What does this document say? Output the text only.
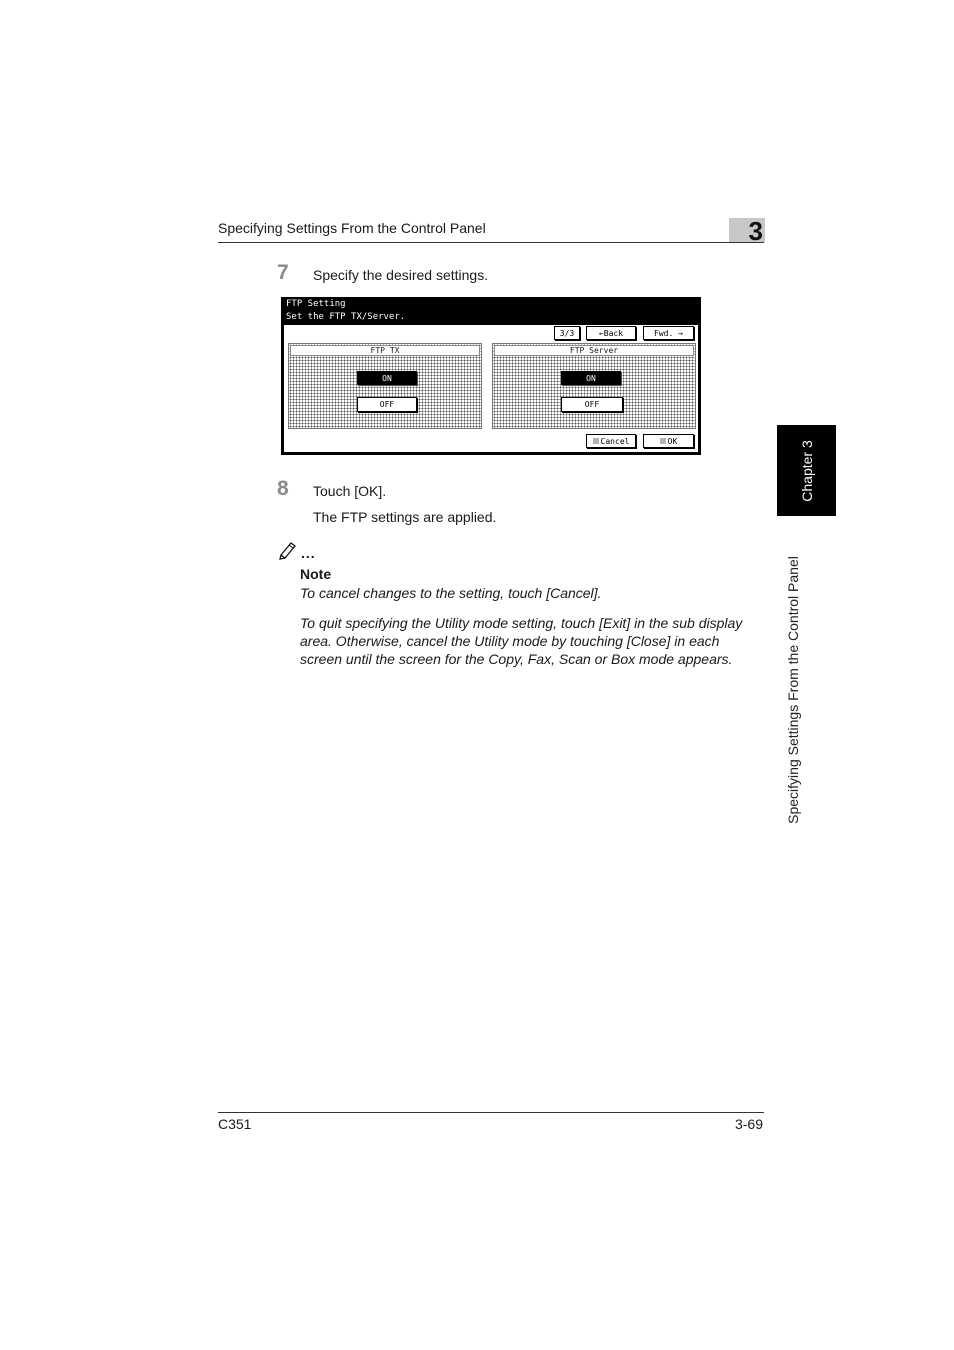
Specifying Settings From the Control Panel	3
Chapter 3
Specifying Settings From the Control Panel
7 Specify the desired settings.
FTP Setting
Set the FTP TX/Server.
3/3	←Back	Fwd. →
FTP TX
ON
OFF
FTP Server
ON
OFF
Cancel	OK
8 Touch [OK].
The FTP settings are applied.
...
Note
To cancel changes to the setting, touch [Cancel].
To quit specifying the Utility mode setting, touch [Exit] in the sub display area. Otherwise, cancel the Utility mode by touching [Close] in each screen until the screen for the Copy, Fax, Scan or Box mode appears.
C351	3-69
